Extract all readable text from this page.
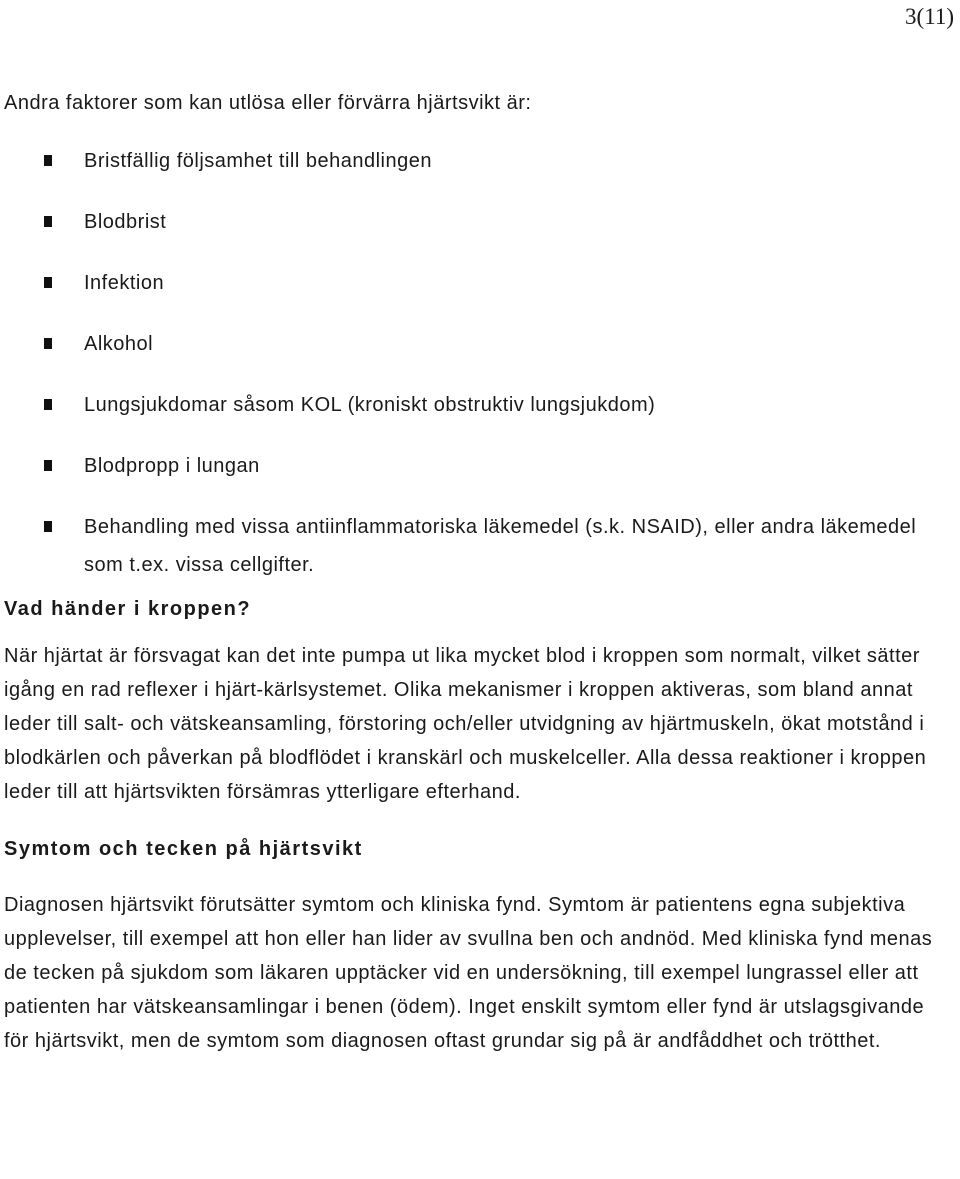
3(11)

Andra faktorer som kan utlösa eller förvärra hjärtsvikt är:

Bristfällig följsamhet till behandlingen
Blodbrist
Infektion
Alkohol
Lungsjukdomar såsom KOL (kroniskt obstruktiv lungsjukdom)
Blodpropp i lungan
Behandling med vissa antiinflammatoriska läkemedel (s.k. NSAID), eller andra läkemedel som t.ex. vissa cellgifter.
Vad händer i kroppen?

När hjärtat är försvagat kan det inte pumpa ut lika mycket blod i kroppen som normalt, vilket sätter igång en rad reflexer i hjärt-kärlsystemet. Olika mekanismer i kroppen aktiveras, som bland annat leder till salt- och vätskeansamling, förstoring och/eller utvidgning av hjärtmuskeln, ökat motstånd i blodkärlen och påverkan på blodflödet i kranskärl och muskelceller. Alla dessa reaktioner i kroppen leder till att hjärtsvikten försämras ytterligare efterhand.

Symtom och tecken på hjärtsvikt

Diagnosen hjärtsvikt förutsätter symtom och kliniska fynd. Symtom är patientens egna subjektiva upplevelser, till exempel att hon eller han lider av svullna ben och andnöd. Med kliniska fynd menas de tecken på sjukdom som läkaren upptäcker vid en undersökning, till exempel lungrassel eller att patienten har vätskeansamlingar i benen (ödem). Inget enskilt symtom eller fynd är utslagsgivande för hjärtsvikt, men de symtom som diagnosen oftast grundar sig på är andfåddhet och trötthet.
